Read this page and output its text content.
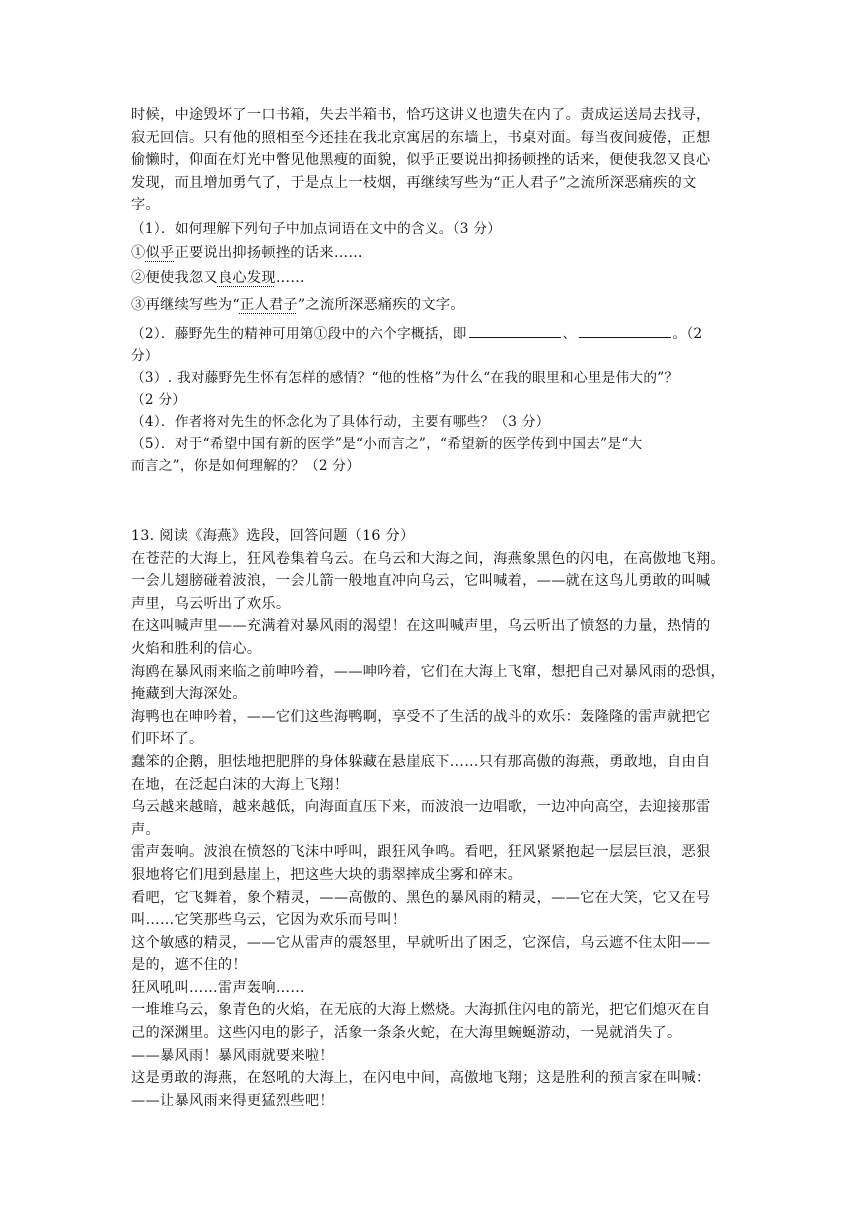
时候，中途毁坏了一口书箱，失去半箱书，恰巧这讲义也遗失在内了。责成运送局去找寻，
寂无回信。只有他的照相至今还挂在我北京寓居的东墙上，书桌对面。每当夜间疲倦，正想
偷懒时，仰面在灯光中瞥见他黑瘦的面貌，似乎正要说出抑扬顿挫的话来，便使我忽又良心
发现，而且增加勇气了，于是点上一枝烟，再继续写些为“正人君子”之流所深恶痛疾的文
字。
（1）．如何理解下列句子中加点词语在文中的含义。（3 分）
①似乎正要说出抑扬顿挫的话来……
②便使我忽又良心发现……
③再继续写些为“正人君子”之流所深恶痛疾的文字。
（2）．藤野先生的精神可用第①段中的六个字概括，即	、	。（2
分）
（3）. 我对藤野先生怀有怎样的感情？“他的性格”为什么“在我的眼里和心里是伟大的”？
（2 分）
（4）．作者将对先生的怀念化为了具体行动，主要有哪些？（3 分）
（5）．对于“希望中国有新的医学”是“小而言之”，“希望新的医学传到中国去”是“大
而言之”，你是如何理解的？（2 分）
13. 阅读《海燕》选段，回答问题（16 分）
在苍茫的大海上，狂风卷集着乌云。在乌云和大海之间，海燕象黑色的闪电，在高傲地飞翔。
一会儿翅膀碰着波浪，一会儿箭一般地直冲向乌云，它叫喊着，——就在这鸟儿勇敢的叫喊
声里，乌云听出了欢乐。
在这叫喊声里——充满着对暴风雨的渴望！在这叫喊声里，乌云听出了愤怒的力量，热情的
火焰和胜利的信心。
海鸥在暴风雨来临之前呻吟着，——呻吟着，它们在大海上飞窜，想把自己对暴风雨的恐惧，
掩藏到大海深处。
海鸭也在呻吟着，——它们这些海鸭啊，享受不了生活的战斗的欢乐：轰隆隆的雷声就把它
们吓坏了。
蠢笨的企鹅，胆怯地把肥胖的身体躲藏在悬崖底下……只有那高傲的海燕，勇敢地，自由自
在地，在泛起白沫的大海上飞翔！
乌云越来越暗，越来越低，向海面直压下来，而波浪一边唱歌，一边冲向高空，去迎接那雷
声。
雷声轰响。波浪在愤怒的飞沫中呼叫，跟狂风争鸣。看吧，狂风紧紧抱起一层层巨浪，恶狠
狠地将它们甩到悬崖上，把这些大块的翡翠摔成尘雾和碎末。
看吧，它飞舞着，象个精灵，——高傲的、黑色的暴风雨的精灵，——它在大笑，它又在号
叫……它笑那些乌云，它因为欢乐而号叫！
这个敏感的精灵，——它从雷声的震怒里，早就听出了困乏，它深信，乌云遮不住太阳——
是的，遮不住的！
狂风吼叫……雷声轰响……
一堆堆乌云，象青色的火焰，在无底的大海上燃烧。大海抓住闪电的箭光，把它们熄灭在自
己的深渊里。这些闪电的影子，活象一条条火蛇，在大海里蜿蜒游动，一晃就消失了。
——暴风雨！暴风雨就要来啦！
这是勇敢的海燕，在怒吼的大海上，在闪电中间，高傲地飞翔；这是胜利的预言家在叫喊：
——让暴风雨来得更猛烈些吧！
